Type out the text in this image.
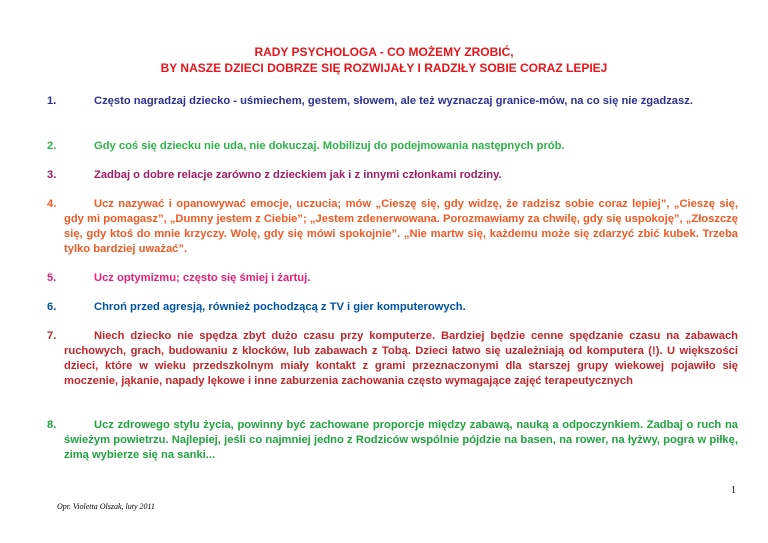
RADY PSYCHOLOGA - CO MOŻEMY ZROBIĆ,
BY NASZE DZIECI DOBRZE SIĘ ROZWIJAŁY I RADZIŁY SOBIE CORAZ LEPIEJ
1.	Często nagradzaj dziecko - uśmiechem, gestem, słowem, ale też wyznaczaj granice-mów, na co się nie zgadzasz.
2.	Gdy coś się dziecku nie uda, nie dokuczaj. Mobilizuj do podejmowania następnych prób.
3.	Zadbaj o dobre relacje zarówno z dzieckiem jak i z innymi członkami rodziny.
4.	Ucz nazywać i opanowywać emocje, uczucia; mów „Cieszę się, gdy widzę, że radzisz sobie coraz lepiej”, „Cieszę się, gdy mi pomagasz”, „Dumny jestem z Ciebie”; „Jestem zdenerwowana. Porozmawiamy za chwilę, gdy się uspokoję”, „Złoszczę się, gdy ktoś do mnie krzyczy. Wolę, gdy się mówi spokojnie”. „Nie martw się, każdemu może się zdarzyć zbić kubek. Trzeba tylko bardziej uważać”.
5.	Ucz optymizmu; często się śmiej i żartuj.
6.	Chroń przed agresją, również pochodzącą z TV i gier komputerowych.
7.	Niech dziecko nie spędza zbyt dużo czasu przy komputerze. Bardziej będzie cenne spędzanie czasu na zabawach ruchowych, grach, budowaniu z klocków, lub zabawach z Tobą. Dzieci łatwo się uzależniają od komputera (!). U większości dzieci, które w wieku przedszkolnym miały kontakt z grami przeznaczonymi dla starszej grupy wiekowej pojawiło się moczenie, jąkanie, napady lękowe i inne zaburzenia zachowania często wymagające zajęć terapeutycznych
8.	Ucz zdrowego stylu życia, powinny być zachowane proporcje między zabawą, nauką a odpoczynkiem. Zadbaj o ruch na świeżym powietrzu. Najlepiej, jeśli co najmniej jedno z Rodziców wspólnie pójdzie na basen, na rower, na łyżwy, pogra w piłkę, zimą wybierze się na sanki...
1
Opr. Violetta Olszak, luty 2011
